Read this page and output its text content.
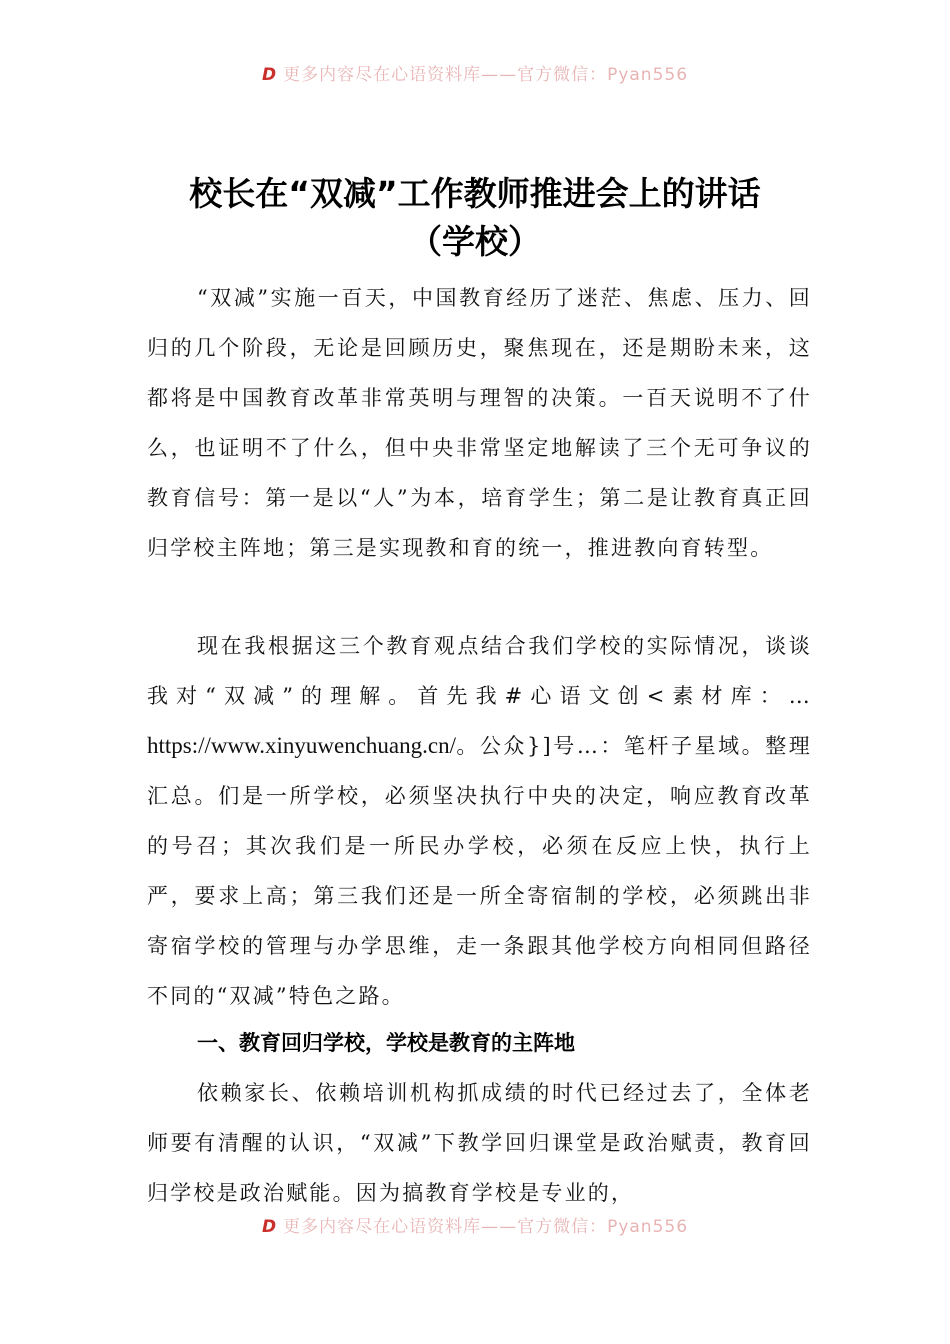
D 更多内容尽在心语资料库——官方微信：Pyan556
校长在“双减”工作教师推进会上的讲话
（学校）

“双减”实施一百天，中国教育经历了迷茫、焦虑、压力、回归的几个阶段，无论是回顾历史，聚焦现在，还是期盼未来，这都将是中国教育改革非常英明与理智的决策。一百天说明不了什么，也证明不了什么，但中央非常坚定地解读了三个无可争议的教育信号：第一是以“人”为本，培育学生；第二是让教育真正回归学校主阵地；第三是实现教和育的统一，推进教向育转型。

现在我根据这三个教育观点结合我们学校的实际情况，谈谈我对“双减”的理解。首先我#心语文创<素材库：…https://www.xinyuwenchuang.cn/。公众}]号…：笔杆子星域。整理汇总。们是一所学校，必须坚决执行中央的决定，响应教育改革的号召；其次我们是一所民办学校，必须在反应上快，执行上严，要求上高；第三我们还是一所全寄宿制的学校，必须跳出非寄宿学校的管理与办学思维，走一条跟其他学校方向相同但路径不同的“双减”特色之路。

一、教育回归学校，学校是教育的主阵地

依赖家长、依赖培训机构抓成绩的时代已经过去了，全体老师要有清醒的认识，“双减”下教学回归课堂是政治赋责，教育回归学校是政治赋能。因为搞教育学校是专业的，

D 更多内容尽在心语资料库——官方微信：Pyan556
